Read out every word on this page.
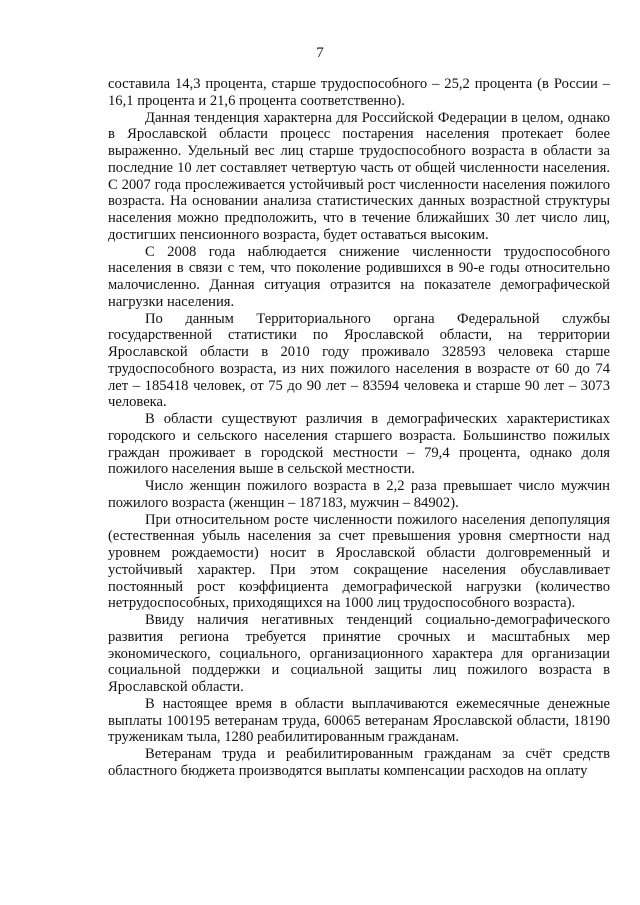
7

составила 14,3 процента, старше трудоспособного – 25,2 процента (в России – 16,1 процента и 21,6 процента соответственно).

Данная тенденция характерна для Российской Федерации в целом, однако в Ярославской области процесс постарения населения протекает более выраженно. Удельный вес лиц старше трудоспособного возраста в области за последние 10 лет составляет четвертую часть от общей численности населения. С 2007 года прослеживается устойчивый рост численности населения пожилого возраста. На основании анализа статистических данных возрастной структуры населения можно предположить, что в течение ближайших 30 лет число лиц, достигших пенсионного возраста, будет оставаться высоким.

С 2008 года наблюдается снижение численности трудоспособного населения в связи с тем, что поколение родившихся в 90-е годы относительно малочисленно. Данная ситуация отразится на показателе демографической нагрузки населения.

По данным Территориального органа Федеральной службы государственной статистики по Ярославской области, на территории Ярославской области в 2010 году проживало 328593 человека старше трудоспособного возраста, из них пожилого населения в возрасте от 60 до 74 лет – 185418 человек, от 75 до 90 лет – 83594 человека и старше 90 лет – 3073 человека.

В области существуют различия в демографических характеристиках городского и сельского населения старшего возраста. Большинство пожилых граждан проживает в городской местности – 79,4 процента, однако доля пожилого населения выше в сельской местности.

Число женщин пожилого возраста в 2,2 раза превышает число мужчин пожилого возраста (женщин – 187183, мужчин – 84902).

При относительном росте численности пожилого населения депопуляция (естественная убыль населения за счет превышения уровня смертности над уровнем рождаемости) носит в Ярославской области долговременный и устойчивый характер. При этом сокращение населения обуславливает постоянный рост коэффициента демографической нагрузки (количество нетрудоспособных, приходящихся на 1000 лиц трудоспособного возраста).

Ввиду наличия негативных тенденций социально-демографического развития региона требуется принятие срочных и масштабных мер экономического, социального, организационного характера для организации социальной поддержки и социальной защиты лиц пожилого возраста в Ярославской области.

В настоящее время в области выплачиваются ежемесячные денежные выплаты 100195 ветеранам труда, 60065 ветеранам Ярославской области, 18190 труженикам тыла, 1280 реабилитированным гражданам.

Ветеранам труда и реабилитированным гражданам за счёт средств областного бюджета производятся выплаты компенсации расходов на оплату
